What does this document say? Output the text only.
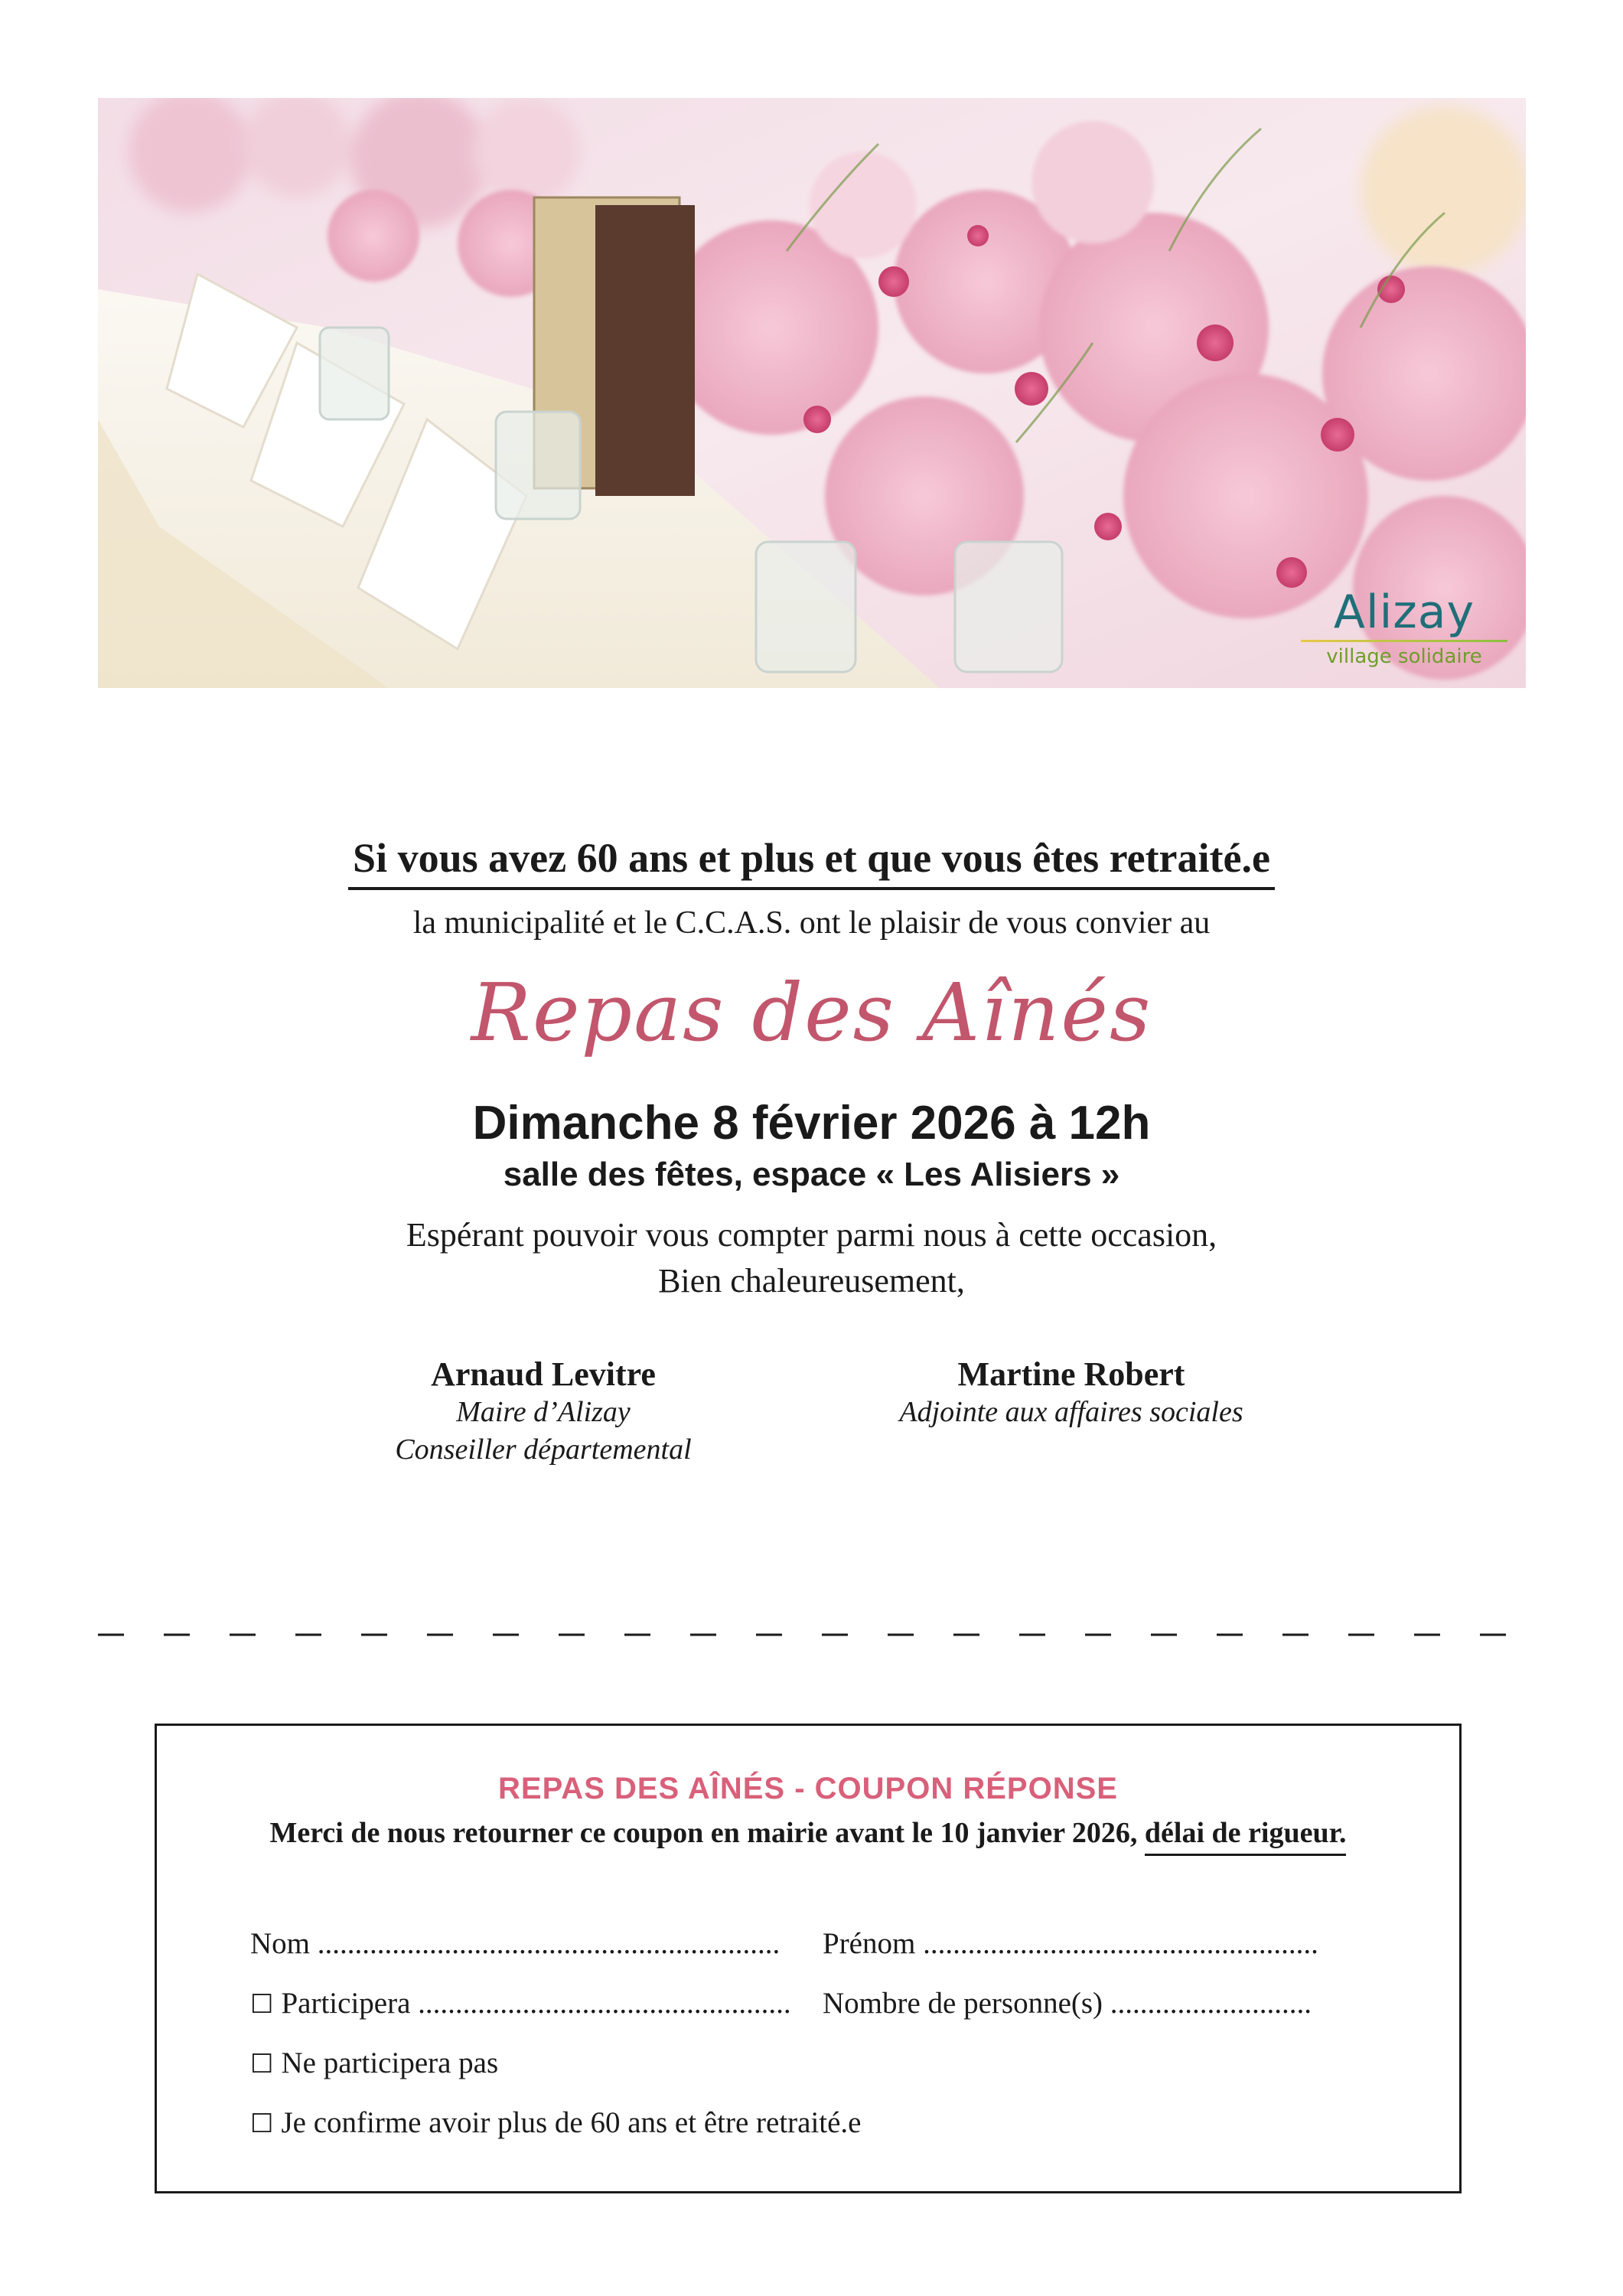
Alizay
village solidaire
Si vous avez 60 ans et plus et que vous êtes retraité.e
la municipalité et le C.C.A.S. ont le plaisir de vous convier au
Repas des Aînés
Dimanche 8 février 2026 à 12h
salle des fêtes, espace « Les Alisiers »
Espérant pouvoir vous compter parmi nous à cette occasion,
Bien chaleureusement,
Arnaud Levitre
Maire d’Alizay
Conseiller départemental
Martine Robert
Adjointe aux affaires sociales
REPAS DES AÎNÉS - COUPON RÉPONSE
Merci de nous retourner ce coupon en mairie avant le 10 janvier 2026, délai de rigueur.
Nom .............................................................. Prénom .....................................................
☐ Participera .................................................. Nombre de personne(s) ...........................
☐ Ne participera pas
☐ Je confirme avoir plus de 60 ans et être retraité.e
